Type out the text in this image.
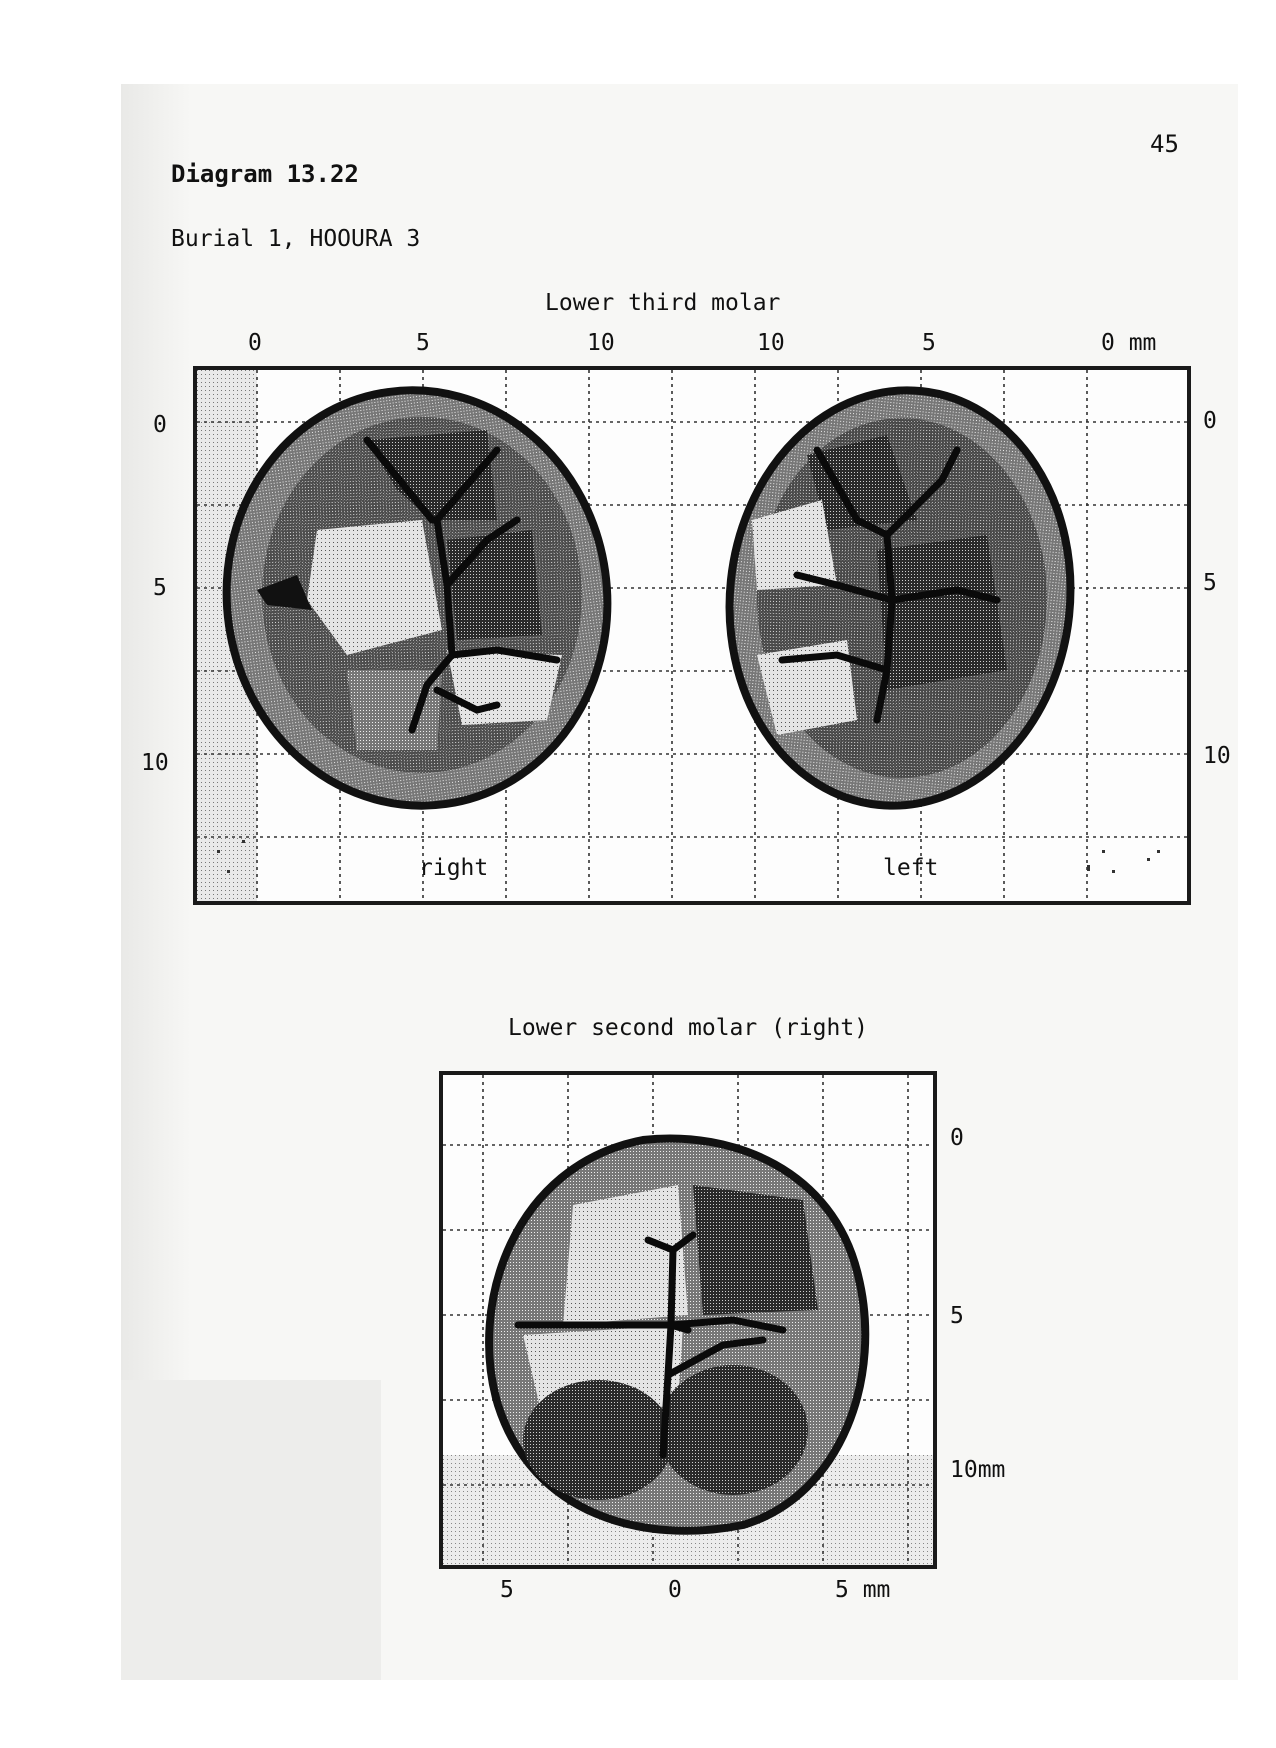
45
Diagram 13.22
Burial 1, HOOURA 3
Lower third molar
0	5	10	10	5	0 mm
0
5
10
0
5
10
right	left
Lower second molar (right)
0
5
10mm
5	0	5 mm
